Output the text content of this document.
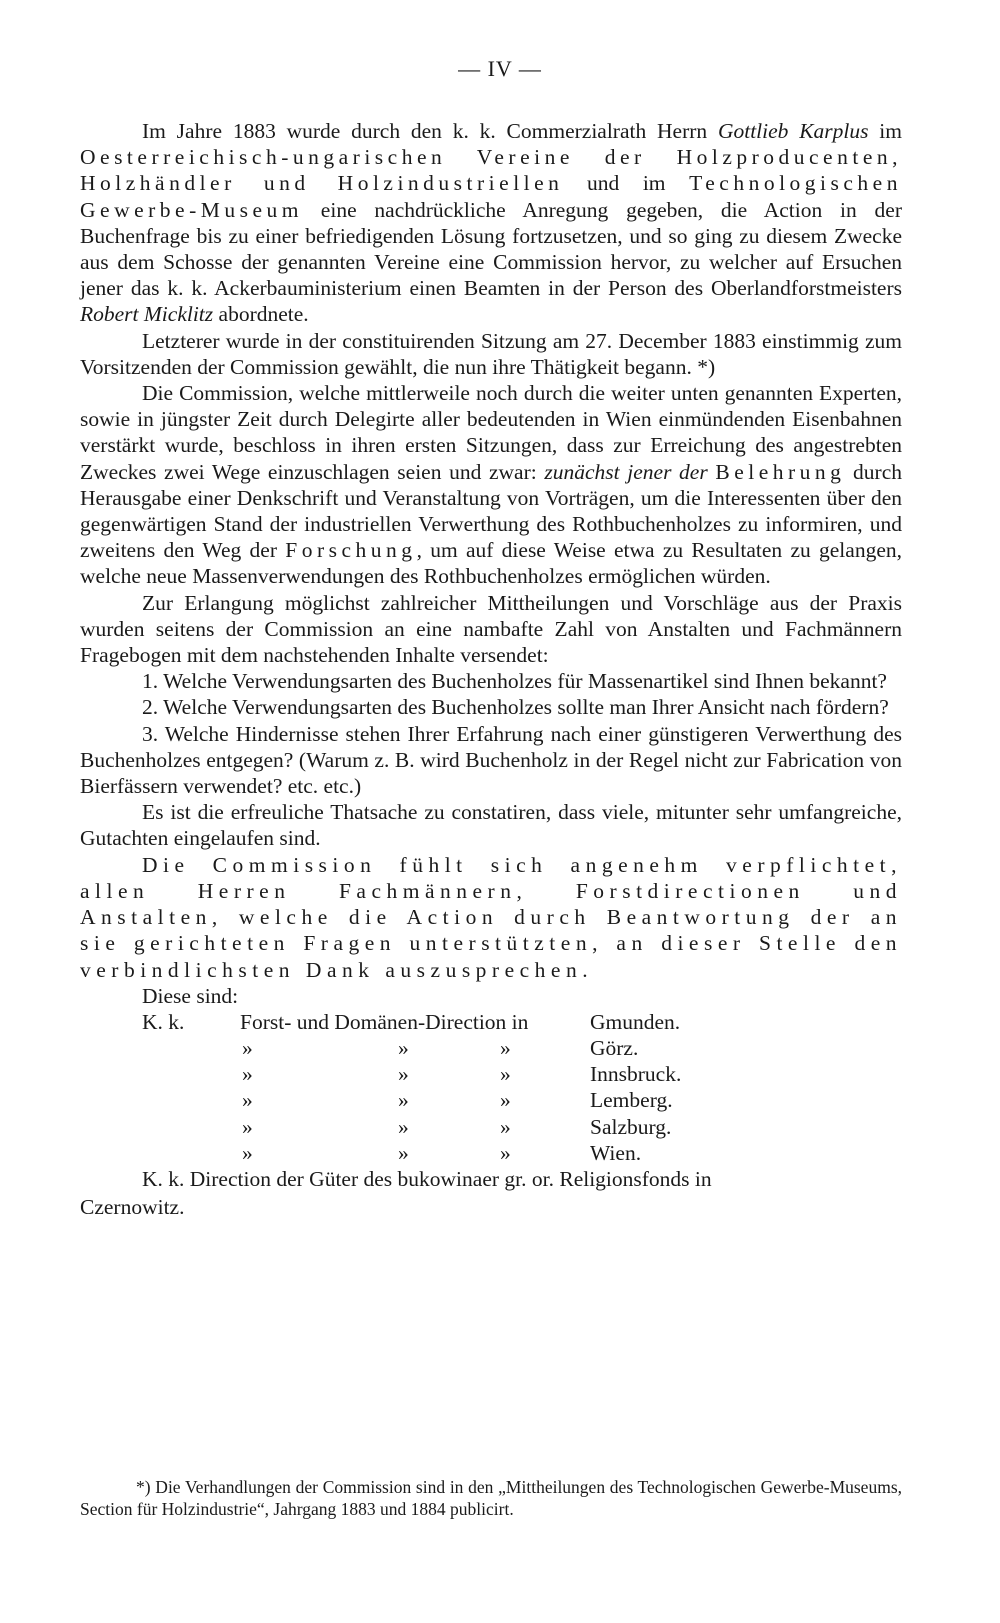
— IV —

Im Jahre 1883 wurde durch den k. k. Commerzialrath Herrn Gottlieb Karplus im Oesterreichisch-ungarischen Vereine der Holzproducenten, Holzhändler und Holzindustriellen und im Technologischen Gewerbe-Museum eine nachdrückliche Anregung gegeben, die Action in der Buchenfrage bis zu einer befriedigenden Lösung fortzusetzen, und so ging zu diesem Zwecke aus dem Schosse der genannten Vereine eine Commission hervor, zu welcher auf Ersuchen jener das k. k. Ackerbauministerium einen Beamten in der Person des Oberlandforstmeisters Robert Micklitz abordnete.

Letzterer wurde in der constituirenden Sitzung am 27. December 1883 einstimmig zum Vorsitzenden der Commission gewählt, die nun ihre Thätigkeit begann. *)

Die Commission, welche mittlerweile noch durch die weiter unten genannten Experten, sowie in jüngster Zeit durch Delegirte aller bedeutenden in Wien einmündenden Eisenbahnen verstärkt wurde, beschloss in ihren ersten Sitzungen, dass zur Erreichung des angestrebten Zweckes zwei Wege einzuschlagen seien und zwar: zunächst jener der Belehrung durch Herausgabe einer Denkschrift und Veranstaltung von Vorträgen, um die Interessenten über den gegenwärtigen Stand der industriellen Verwerthung des Rothbuchenholzes zu informiren, und zweitens den Weg der Forschung, um auf diese Weise etwa zu Resultaten zu gelangen, welche neue Massenverwendungen des Rothbuchenholzes ermöglichen würden.

Zur Erlangung möglichst zahlreicher Mittheilungen und Vorschläge aus der Praxis wurden seitens der Commission an eine nambafte Zahl von Anstalten und Fachmännern Fragebogen mit dem nachstehenden Inhalte versendet:

1. Welche Verwendungsarten des Buchenholzes für Massenartikel sind Ihnen bekannt?

2. Welche Verwendungsarten des Buchenholzes sollte man Ihrer Ansicht nach fördern?

3. Welche Hindernisse stehen Ihrer Erfahrung nach einer günstigeren Verwerthung des Buchenholzes entgegen? (Warum z. B. wird Buchenholz in der Regel nicht zur Fabrication von Bierfässern verwendet? etc. etc.)

Es ist die erfreuliche Thatsache zu constatiren, dass viele, mitunter sehr umfangreiche, Gutachten eingelaufen sind.

Die Commission fühlt sich angenehm verpflichtet, allen Herren Fachmännern, Forstdirectionen und Anstalten, welche die Action durch Beantwortung der an sie gerichteten Fragen unterstützten, an dieser Stelle den verbindlichsten Dank auszusprechen.

Diese sind:

K. k.	Forst- und Domänen-Direction in	Gmunden.
»	»	»	Görz.
»	»	»	Innsbruck.
»	»	»	Lemberg.
»	»	»	Salzburg.
»	»	»	Wien.

K. k. Direction der Güter des bukowinaer gr. or. Religionsfonds in

Czernowitz.
*) Die Verhandlungen der Commission sind in den „Mittheilungen des Technologischen Gewerbe-Museums, Section für Holzindustrie“, Jahrgang 1883 und 1884 publicirt.
